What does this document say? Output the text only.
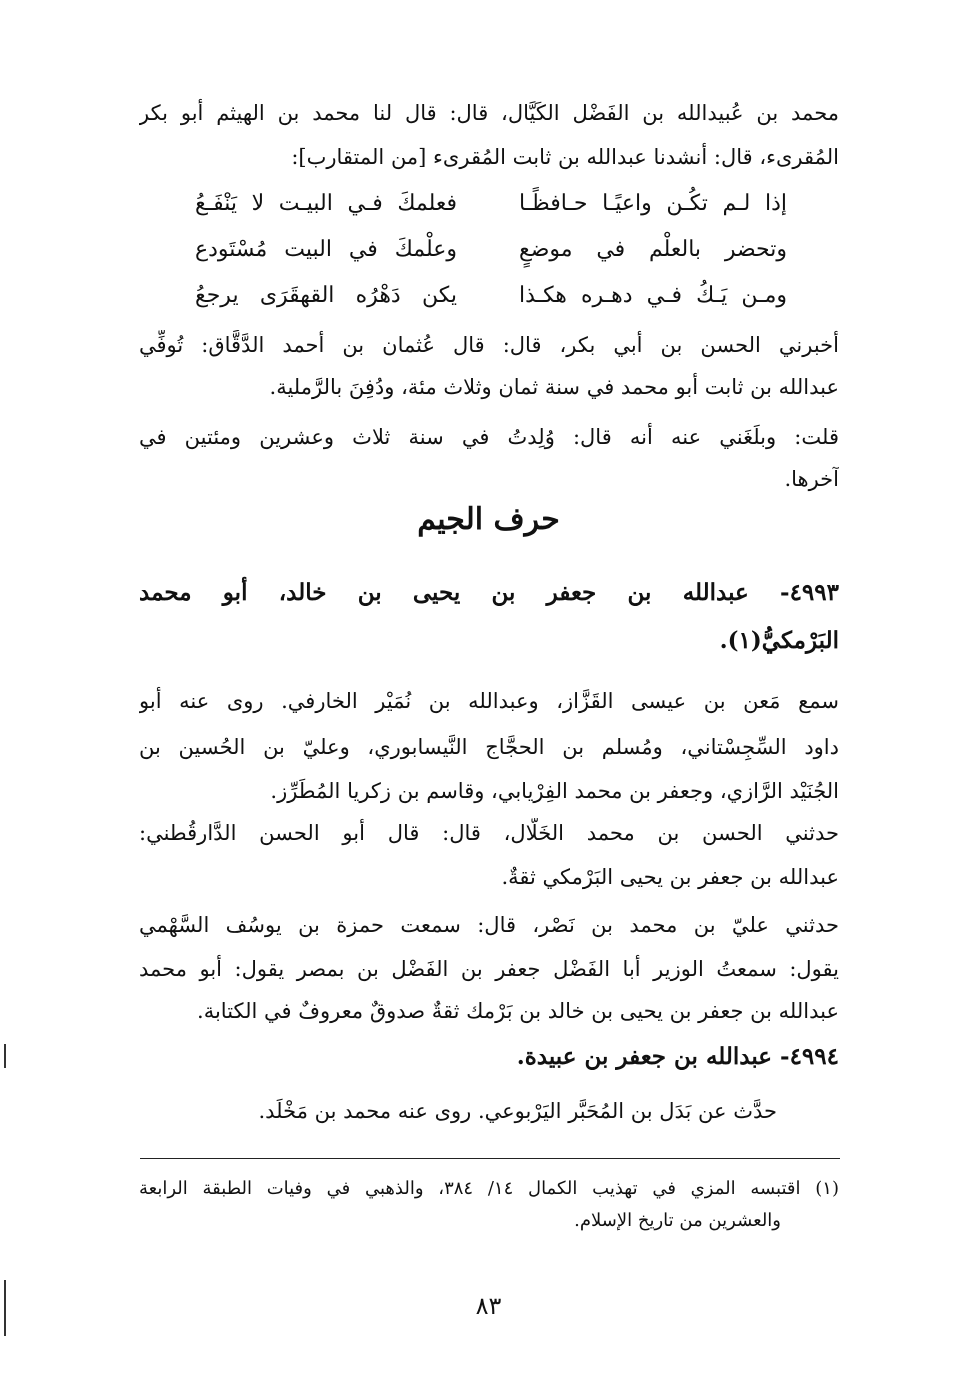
محمد بن عُبيدالله بن الفَضْل الكَيَّال، قال: قال لنا محمد بن الهيثم أبو بكر
المُقرىء، قال: أنشدنا عبدالله بن ثابت المُقرىء [من المتقارب]:
إذا لـم تكُـن واعيًـا حـافظًـا
فعلمكَ فـي البيـت لا يَنْفَـعُ
وتحضر بالعلْم في موضعٍ
وعلْمكَ في البيت مُسْتَودع
ومـن يَـكُ فـي دهـره هكـذا
يكن دَهْرُه القهقَرَى يرجعُ
أخبرني الحسن بن أبي بكر، قال: قال عُثمان بن أحمد الدَّقَّاق: تُوفِّي
عبدالله بن ثابت أبو محمد في سنة ثمان وثلاث مئة، ودُفِنَ بالرَّملية.
قلت: وبلَغَني عنه أنه قال: وُلِدتُ في سنة ثلاث وعشرين ومئتين في
آخرها.
حرف الجيم
٤٩٩٣- عبدالله بن جعفر بن يحيى بن خالد، أبو محمد
البَرْمكيُّ(١).
سمع مَعن بن عيسى القَزَّاز، وعبدالله بن نُمَيْر الخارفي. روى عنه أبو
داود السِّجِسْتاني، ومُسلم بن الحجَّاج النَّيسابوري، وعليّ بن الحُسين بن
الجُنَيْد الرَّازي، وجعفر بن محمد الفِرْيابي، وقاسم بن زكريا المُطَرِّز.
حدثني الحسن بن محمد الخَلَّال، قال: قال أبو الحسن الدَّارقُطني:
عبدالله بن جعفر بن يحيى البَرْمكي ثقةٌ.
حدثني عليّ بن محمد بن نَصْر، قال: سمعت حمزة بن يوسُف السَّهْمي
يقول: سمعتُ الوزير أبا الفَضْل جعفر بن الفَضْل بن بمصر يقول: أبو محمد
عبدالله بن جعفر بن يحيى بن خالد بن بَرْمك ثقةٌ صدوقٌ معروفٌ في الكتابة.
٤٩٩٤- عبدالله بن جعفر بن عبيدة.
حدَّث عن بَدَل بن المُحَبَّر اليَرْبوعي. روى عنه محمد بن مَخْلَد.
(١) اقتبسه المزي في تهذيب الكمال ١٤/ ٣٨٤، والذهبي في وفيات الطبقة الرابعة
والعشرين من تاريخ الإسلام.
٨٣
